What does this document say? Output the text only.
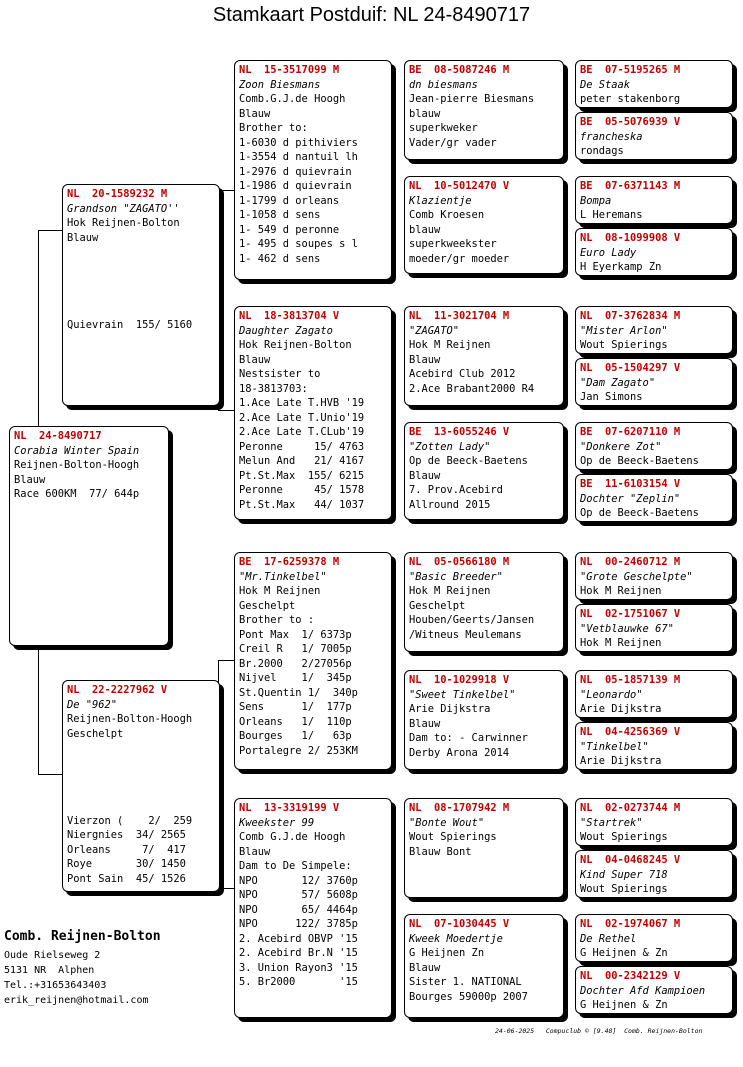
Stamkaart Postduif: NL 24-8490717
NL  24-8490717
Corabia Winter Spain
Reijnen-Bolton-Hoogh
Blauw
Race 600KM  77/ 644p
NL  20-1589232 M
Grandson "ZAGATO''
Hok Reijnen-Bolton
Blauw
Quievrain  155/ 5160
NL  22-2227962 V
De "962"
Reijnen-Bolton-Hoogh
Geschelpt
Vierzon (    2/  259
Niergnies  34/ 2565
Orleans     7/  417
Roye       30/ 1450
Pont Sain  45/ 1526
NL  15-3517099 M
Zoon Biesmans
Comb.G.J.de Hoogh
Blauw
Brother to:
1-6030 d pithiviers
1-3554 d nantuil lh
1-2976 d quievrain
1-1986 d quievrain
1-1799 d orleans
1-1058 d sens
1- 549 d peronne
1- 495 d soupes s l
1- 462 d sens
NL  18-3813704 V
Daughter Zagato
Hok Reijnen-Bolton
Blauw
Nestsister to
18-3813703:
1.Ace Late T.HVB '19
2.Ace Late T.Unio'19
2.Ace Late T.CLub'19
Peronne     15/ 4763
Melun And   21/ 4167
Pt.St.Max  155/ 6215
Peronne     45/ 1578
Pt.St.Max   44/ 1037
BE  17-6259378 M
"Mr.Tinkelbel"
Hok M Reijnen
Geschelpt
Brother to :
Pont Max  1/ 6373p
Creil R   1/ 7005p
Br.2000   2/27056p
Nijvel    1/  345p
St.Quentin 1/  340p
Sens      1/  177p
Orleans   1/  110p
Bourges   1/   63p
Portalegre 2/ 253KM
NL  13-3319199 V
Kweekster 99
Comb G.J.de Hoogh
Blauw
Dam to De Simpele:
NPO       12/ 3760p
NPO       57/ 5608p
NPO       65/ 4464p
NPO      122/ 3785p
2. Acebird OBVP '15
2. Acebird Br.N '15
3. Union Rayon3 '15
5. Br2000       '15
BE  08-5087246 M
dn biesmans
Jean-pierre Biesmans
blauw
superkweker
Vader/gr vader
NL  10-5012470 V
Klazientje
Comb Kroesen
blauw
superkweekster
moeder/gr moeder
NL  11-3021704 M
"ZAGATO"
Hok M Reijnen
Blauw
Acebird Club 2012
2.Ace Brabant2000 R4
BE  13-6055246 V
"Zotten Lady"
Op de Beeck-Baetens
Blauw
7. Prov.Acebird
Allround 2015
NL  05-0566180 M
"Basic Breeder"
Hok M Reijnen
Geschelpt
Houben/Geerts/Jansen
/Witneus Meulemans
NL  10-1029918 V
"Sweet Tinkelbel"
Arie Dijkstra
Blauw
Dam to: - Carwinner
Derby Arona 2014
NL  08-1707942 M
"Bonte Wout"
Wout Spierings
Blauw Bont
NL  07-1030445 V
Kweek Moedertje
G Heijnen Zn
Blauw
Sister 1. NATIONAL
Bourges 59000p 2007
BE  07-5195265 M
De Staak
peter stakenborg
BE  05-5076939 V
francheska
rondags
BE  07-6371143 M
Bompa
L Heremans
NL  08-1099908 V
Euro Lady
H Eyerkamp Zn
NL  07-3762834 M
"Mister Arlon"
Wout Spierings
NL  05-1504297 V
"Dam Zagato"
Jan Simons
BE  07-6207110 M
"Donkere Zot"
Op de Beeck-Baetens
BE  11-6103154 V
Dochter "Zeplin"
Op de Beeck-Baetens
NL  00-2460712 M
"Grote Geschelpte"
Hok M Reijnen
NL  02-1751067 V
"Vetblauwke 67"
Hok M Reijnen
NL  05-1857139 M
"Leonardo"
Arie Dijkstra
NL  04-4256369 V
"Tinkelbel"
Arie Dijkstra
NL  02-0273744 M
"Startrek"
Wout Spierings
NL  04-0468245 V
Kind Super 718
Wout Spierings
NL  02-1974067 M
De Rethel
G Heijnen & Zn
NL  00-2342129 V
Dochter Afd Kampioen
G Heijnen & Zn
Comb. Reijnen-Bolton
Oude Rielseweg 2
5131 NR  Alphen
Tel.:+31653643403
erik_reijnen@hotmail.com
24-06-2025   Compuclub © [9.48]  Comb. Reijnen-Bolton
